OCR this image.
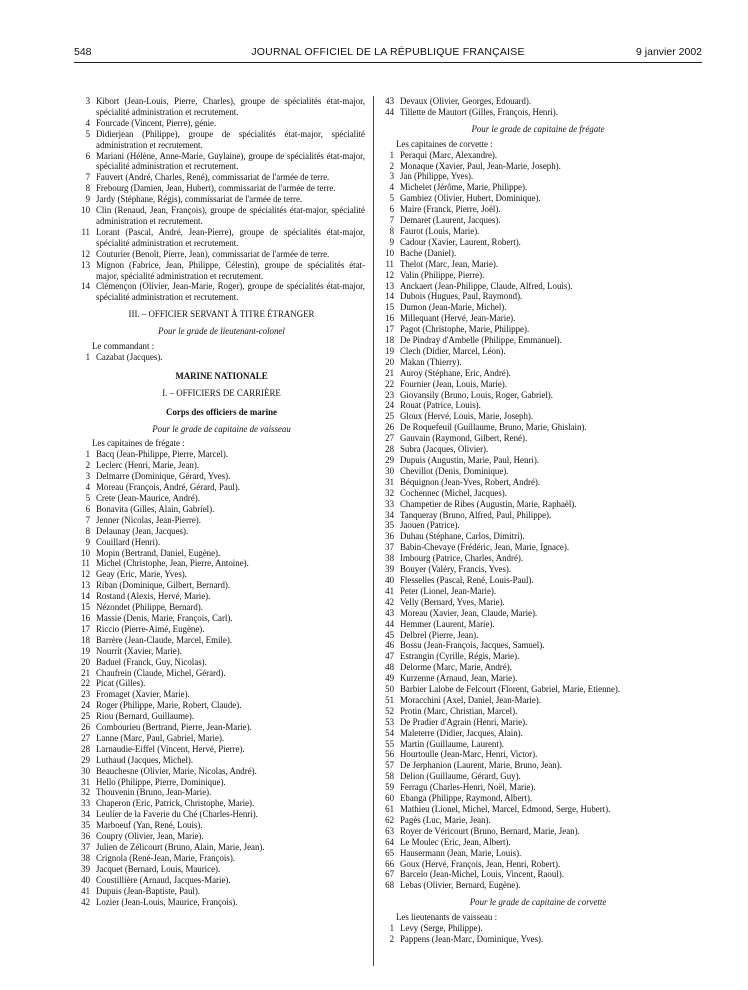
548	JOURNAL OFFICIEL DE LA RÉPUBLIQUE FRANÇAISE	9 janvier 2002
3 Kibort (Jean-Louis, Pierre, Charles), groupe de spécialités état-major, spécialité administration et recrutement.
4 Fourcade (Vincent, Pierre), génie.
5 Didierjean (Philippe), groupe de spécialités état-major, spécialité administration et recrutement.
6 Mariani (Hélène, Anne-Marie, Guylaine), groupe de spécialités état-major, spécialité administration et recrutement.
7 Fauvert (André, Charles, René), commissariat de l'armée de terre.
8 Frebourg (Damien, Jean, Hubert), commissariat de l'armée de terre.
9 Jardy (Stéphane, Régis), commissariat de l'armée de terre.
10 Clin (Renaud, Jean, François), groupe de spécialités état-major, spécialité administration et recrutement.
11 Lorant (Pascal, André, Jean-Pierre), groupe de spécialités état-major, spécialité administration et recrutement.
12 Couturier (Benoît, Pierre, Jean), commissariat de l'armée de terre.
13 Mignon (Fabrice, Jean, Philippe, Célestin), groupe de spécialités état-major, spécialité administration et recrutement.
14 Clémençon (Olivier, Jean-Marie, Roger), groupe de spécialités état-major, spécialité administration et recrutement.
III. – OFFICIER SERVANT À TITRE ÉTRANGER
Pour le grade de lieutenant-colonel
Le commandant :
1 Cazabat (Jacques).
MARINE NATIONALE
I. – OFFICIERS DE CARRIÈRE
Corps des officiers de marine
Pour le grade de capitaine de vaisseau
Les capitaines de frégate :
1 Bacq (Jean-Philippe, Pierre, Marcel).
2 Leclerc (Henri, Marie, Jean).
3 Delmarre (Dominique, Gérard, Yves).
4 Moreau (François, André, Gérard, Paul).
5 Crete (Jean-Maurice, André).
6 Bonavita (Gilles, Alain, Gabriel).
7 Jenner (Nicolas, Jean-Pierre).
8 Delaunay (Jean, Jacques).
9 Couillard (Henri).
10 Mopin (Bertrand, Daniel, Eugène).
11 Michel (Christophe, Jean, Pierre, Antoine).
12 Geay (Eric, Marie, Yves).
13 Riban (Dominique, Gilbert, Bernard).
14 Rostand (Alexis, Hervé, Marie).
15 Nézondet (Philippe, Bernard).
16 Massie (Denis, Marie, François, Carl).
17 Riccio (Pierre-Aimé, Eugène).
18 Barrère (Jean-Claude, Marcel, Emile).
19 Nourrit (Xavier, Marie).
20 Baduel (Franck, Guy, Nicolas).
21 Chaufrein (Claude, Michel, Gérard).
22 Picat (Gilles).
23 Fromaget (Xavier, Marie).
24 Roger (Philippe, Marie, Robert, Claude).
25 Riou (Bernard, Guillaume).
26 Combourieu (Bertrand, Pierre, Jean-Marie).
27 Lanne (Marc, Paul, Gabriel, Marie).
28 Larnaudie-Eiffel (Vincent, Hervé, Pierre).
29 Luthaud (Jacques, Michel).
30 Beauchesne (Olivier, Marie, Nicolas, André).
31 Hello (Philippe, Pierre, Dominique).
32 Thouvenin (Bruno, Jean-Marie).
33 Chaperon (Eric, Patrick, Christophe, Marie).
34 Leulier de la Faverie du Ché (Charles-Henri).
35 Marboeuf (Yan, René, Louis).
36 Coupry (Olivier, Jean, Marie).
37 Julien de Zélicourt (Bruno, Alain, Marie, Jean).
38 Crignola (René-Jean, Marie, François).
39 Jacquet (Bernard, Louis, Maurice).
40 Coustillière (Arnaud, Jacques-Marie).
41 Dupuis (Jean-Baptiste, Paul).
42 Lozier (Jean-Louis, Maurice, François).
43 Devaux (Olivier, Georges, Edouard).
44 Tillette de Mautort (Gilles, François, Henri).
Pour le grade de capitaine de frégate
Les capitaines de corvette :
1 Peraqui (Marc, Alexandre).
2 Monaque (Xavier, Paul, Jean-Marie, Joseph).
3 Jan (Philippe, Yves).
4 Michelet (Jérôme, Marie, Philippe).
5 Gambiez (Olivier, Hubert, Dominique).
6 Maire (Franck, Pierre, Joël).
7 Demaret (Laurent, Jacques).
8 Faurot (Louis, Marie).
9 Cadour (Xavier, Laurent, Robert).
10 Bache (Daniel).
11 Thelot (Marc, Jean, Marie).
12 Valin (Philippe, Pierre).
13 Anckaert (Jean-Philippe, Claude, Alfred, Louis).
14 Dubois (Hugues, Paul, Raymond).
15 Dumon (Jean-Marie, Michel).
16 Millequant (Hervé, Jean-Marie).
17 Pagot (Christophe, Marie, Philippe).
18 De Pindray d'Ambelle (Philippe, Emmanuel).
19 Clech (Didier, Marcel, Léon).
20 Makan (Thierry).
21 Auroy (Stéphane, Eric, André).
22 Fournier (Jean, Louis, Marie).
23 Giovansily (Bruno, Louis, Roger, Gabriel).
24 Rouat (Patrice, Louis).
25 Gloux (Hervé, Louis, Marie, Joseph).
26 De Roquefeuil (Guillaume, Bruno, Marie, Ghislain).
27 Gauvain (Raymond, Gilbert, René).
28 Subra (Jacques, Olivier).
29 Dupuis (Augustin, Marie, Paul, Henri).
30 Chevillot (Denis, Dominique).
31 Béquignon (Jean-Yves, Robert, André).
32 Cochennec (Michel, Jacques).
33 Champetier de Ribes (Augustin, Marie, Raphaël).
34 Tanqueray (Bruno, Alfred, Paul, Philippe).
35 Jaouen (Patrice).
36 Duhau (Stéphane, Carlos, Dimitri).
37 Babin-Chevaye (Frédéric, Jean, Marie, Ignace).
38 Imbourg (Patrice, Charles, André).
39 Bouyer (Valéry, Francis, Yves).
40 Flesselles (Pascal, René, Louis-Paul).
41 Peter (Lionel, Jean-Marie).
42 Velly (Bernard, Yves, Marie).
43 Moreau (Xavier, Jean, Claude, Marie).
44 Hemmer (Laurent, Marie).
45 Delbrel (Pierre, Jean).
46 Bossu (Jean-François, Jacques, Samuel).
47 Estrangin (Cyrille, Régis, Marie).
48 Delorme (Marc, Marie, André).
49 Kurzenne (Arnaud, Jean, Marie).
50 Barbier Lalobe de Felcourt (Florent, Gabriel, Marie, Etienne).
51 Moracchini (Axel, Daniel, Jean-Marie).
52 Protin (Marc, Christian, Marcel).
53 De Pradier d'Agrain (Henri, Marie).
54 Maleterre (Didier, Jacques, Alain).
55 Martin (Guillaume, Laurent).
56 Hourtoulle (Jean-Marc, Henri, Victor).
57 De Jerphanion (Laurent, Marie, Bruno, Jean).
58 Delion (Guillaume, Gérard, Guy).
59 Ferragu (Charles-Henri, Noël, Marie).
60 Ebanga (Philippe, Raymond, Albert).
61 Mathieu (Lionel, Michel, Marcel, Edmond, Serge, Hubert).
62 Pagès (Luc, Marie, Jean).
63 Royer de Véricourt (Bruno, Bernard, Marie, Jean).
64 Le Moulec (Eric, Jean, Albert).
65 Hausermann (Jean, Marie, Louis).
66 Goux (Hervé, François, Jean, Henri, Robert).
67 Barcelo (Jean-Michel, Louis, Vincent, Raoul).
68 Lebas (Olivier, Bernard, Eugène).
Pour le grade de capitaine de corvette
Les lieutenants de vaisseau :
1 Levy (Serge, Philippe).
2 Pappens (Jean-Marc, Dominique, Yves).
